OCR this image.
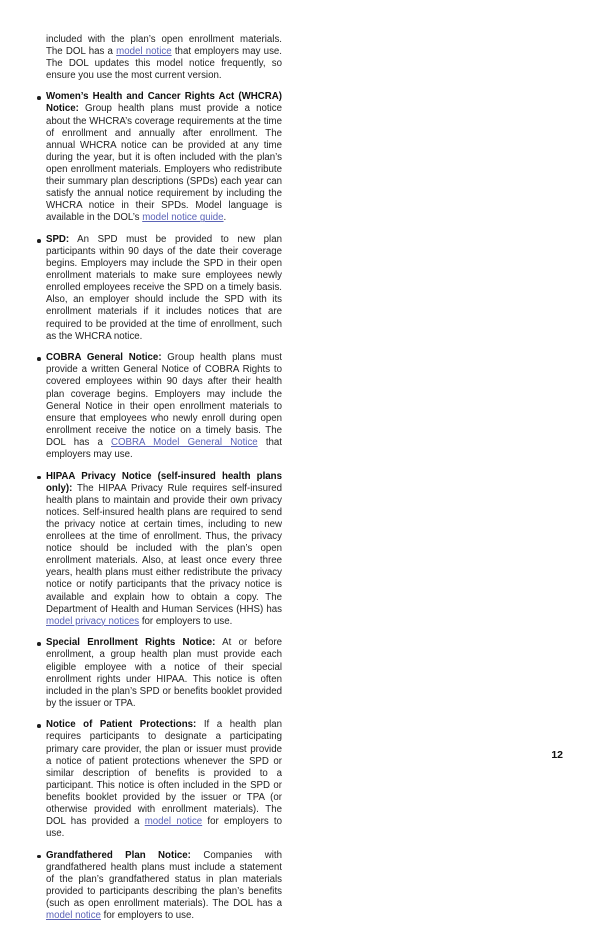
included with the plan’s open enrollment materials. The DOL has a model notice that employers may use. The DOL updates this model notice frequently, so ensure you use the most current version.

Women’s Health and Cancer Rights Act (WHCRA) Notice: Group health plans must provide a notice about the WHCRA’s coverage requirements at the time of enrollment and annually after enrollment. The annual WHCRA notice can be provided at any time during the year, but it is often included with the plan’s open enrollment materials. Employers who redistribute their summary plan descriptions (SPDs) each year can satisfy the annual notice requirement by including the WHCRA notice in their SPDs. Model language is available in the DOL’s model notice guide.
SPD: An SPD must be provided to new plan participants within 90 days of the date their coverage begins. Employers may include the SPD in their open enrollment materials to make sure employees newly enrolled employees receive the SPD on a timely basis. Also, an employer should include the SPD with its enrollment materials if it includes notices that are required to be provided at the time of enrollment, such as the WHCRA notice.
COBRA General Notice: Group health plans must provide a written General Notice of COBRA Rights to covered employees within 90 days after their health plan coverage begins. Employers may include the General Notice in their open enrollment materials to ensure that employees who newly enroll during open enrollment receive the notice on a timely basis. The DOL has a COBRA Model General Notice that employers may use.
HIPAA Privacy Notice (self-insured health plans only): The HIPAA Privacy Rule requires self-insured health plans to maintain and provide their own privacy notices. Self-insured health plans are required to send the privacy notice at certain times, including to new enrollees at the time of enrollment. Thus, the privacy notice should be included with the plan’s open enrollment materials. Also, at least once every three years, health plans must either redistribute the privacy notice or notify participants that the privacy notice is available and explain how to obtain a copy. The Department of Health and Human Services (HHS) has model privacy notices for employers to use.
Special Enrollment Rights Notice: At or before enrollment, a group health plan must provide each eligible employee with a notice of their special enrollment rights under HIPAA. This notice is often included in the plan’s SPD or benefits booklet provided by the issuer or TPA.
Notice of Patient Protections: If a health plan requires participants to designate a participating primary care provider, the plan or issuer must provide a notice of patient protections whenever the SPD or similar description of benefits is provided to a participant. This notice is often included in the SPD or benefits booklet provided by the issuer or TPA (or otherwise provided with enrollment materials). The DOL has provided a model notice for employers to use.
Grandfathered Plan Notice: Companies with grandfathered health plans must include a statement of the plan’s grandfathered status in plan materials provided to participants describing the plan’s benefits (such as open enrollment materials). The DOL has a model notice for employers to use.
12
